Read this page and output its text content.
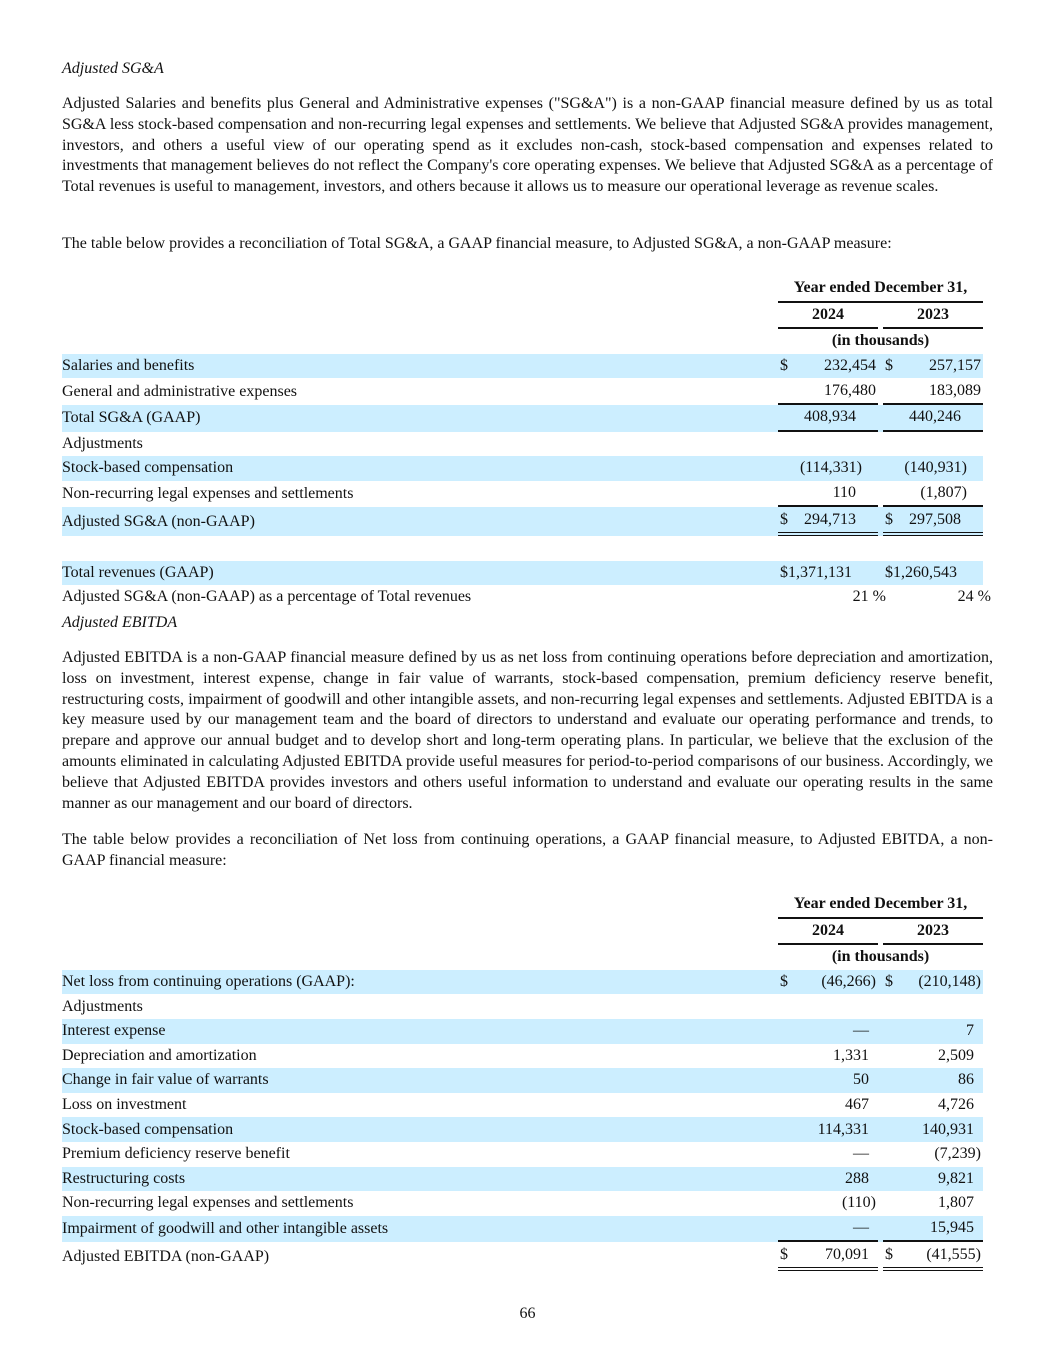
Adjusted SG&A
Adjusted Salaries and benefits plus General and Administrative expenses ("SG&A") is a non-GAAP financial measure defined by us as total SG&A less stock-based compensation and non-recurring legal expenses and settlements. We believe that Adjusted SG&A provides management, investors, and others a useful view of our operating spend as it excludes non-cash, stock-based compensation and expenses related to investments that management believes do not reflect the Company's core operating expenses. We believe that Adjusted SG&A as a percentage of Total revenues is useful to management, investors, and others because it allows us to measure our operational leverage as revenue scales.
The table below provides a reconciliation of Total SG&A, a GAAP financial measure, to Adjusted SG&A, a non-GAAP measure:
	Year ended December 31,			
	2024		2023	
	(in thousands)			
Salaries and benefits	$ 232,454		$ 257,157	

General and administrative expenses	176,480		183,089	

Total SG&A (GAAP)	408,934		440,246	

Adjustments				
Stock-based compensation	(114,331)		(140,931)	

Non-recurring legal expenses and settlements	110		(1,807)	

Adjusted SG&A (non-GAAP)	$ 294,713		$ 297,508	

Total revenues (GAAP)	$ 1,371,131		$ 1,260,543	

Adjusted SG&A (non-GAAP) as a percentage of Total revenues	21 %		24 %	

Adjusted EBITDA
Adjusted EBITDA is a non-GAAP financial measure defined by us as net loss from continuing operations before depreciation and amortization, loss on investment, interest expense, change in fair value of warrants, stock-based compensation, premium deficiency reserve benefit, restructuring costs, impairment of goodwill and other intangible assets, and non-recurring legal expenses and settlements. Adjusted EBITDA is a key measure used by our management team and the board of directors to understand and evaluate our operating performance and trends, to prepare and approve our annual budget and to develop short and long-term operating plans. In particular, we believe that the exclusion of the amounts eliminated in calculating Adjusted EBITDA provide useful measures for period-to-period comparisons of our business. Accordingly, we believe that Adjusted EBITDA provides investors and others useful information to understand and evaluate our operating results in the same manner as our management and our board of directors.
The table below provides a reconciliation of Net loss from continuing operations, a GAAP financial measure, to Adjusted EBITDA, a non-GAAP financial measure:
	Year ended December 31,			
	2024		2023	
	(in thousands)			
Net loss from continuing operations (GAAP):	$ (46,266)		$ (210,148)	

Adjustments				
Interest expense	—		7	

Depreciation and amortization	1,331		2,509	

Change in fair value of warrants	50		86	

Loss on investment	467		4,726	

Stock-based compensation	114,331		140,931	

Premium deficiency reserve benefit	—		(7,239)	

Restructuring costs	288		9,821	

Non-recurring legal expenses and settlements	(110)		1,807	

Impairment of goodwill and other intangible assets	—		15,945	

Adjusted EBITDA (non-GAAP)	$ 70,091		$ (41,555)	

66
